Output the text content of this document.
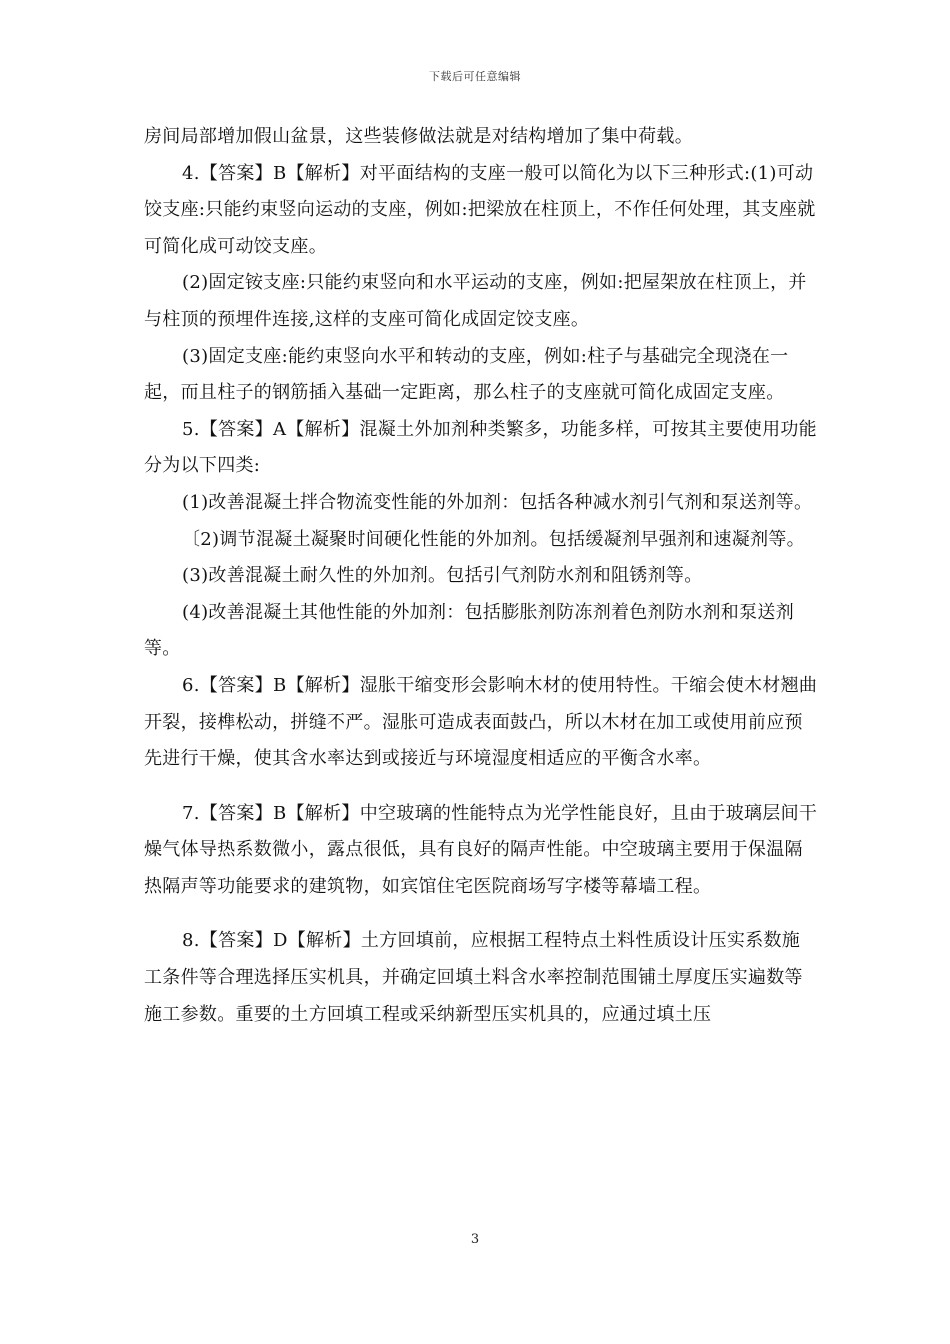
下载后可任意编辑

房间局部增加假山盆景，这些装修做法就是对结构增加了集中荷载。

4.【答案】B【解析】对平面结构的支座一般可以简化为以下三种形式:(1)可动饺支座:只能约束竖向运动的支座，例如:把梁放在柱顶上，不作任何处理，其支座就可简化成可动饺支座。

(2)固定铵支座:只能约束竖向和水平运动的支座，例如:把屋架放在柱顶上，并与柱顶的预埋件连接,这样的支座可简化成固定饺支座。

(3)固定支座:能约束竖向水平和转动的支座，例如:柱子与基础完全现浇在一起，而且柱子的钢筋插入基础一定距离，那么柱子的支座就可简化成固定支座。

5.【答案】A【解析】混凝土外加剂种类繁多，功能多样，可按其主要使用功能分为以下四类:

(1)改善混凝土拌合物流变性能的外加剂：包括各种减水剂引气剂和泵送剂等。

〔2)调节混凝土凝聚时间硬化性能的外加剂。包括缓凝剂早强剂和速凝剂等。

(3)改善混凝土耐久性的外加剂。包括引气剂防水剂和阻锈剂等。

(4)改善混凝土其他性能的外加剂：包括膨胀剂防冻剂着色剂防水剂和泵送剂等。

6.【答案】B【解析】湿胀干缩变形会影响木材的使用特性。干缩会使木材翘曲开裂，接榫松动，拼缝不严。湿胀可造成表面鼓凸，所以木材在加工或使用前应预先进行干燥，使其含水率达到或接近与环境湿度相适应的平衡含水率。

7.【答案】B【解析】中空玻璃的性能特点为光学性能良好，且由于玻璃层间干燥气体导热系数微小，露点很低，具有良好的隔声性能。中空玻璃主要用于保温隔热隔声等功能要求的建筑物，如宾馆住宅医院商场写字楼等幕墙工程。

8.【答案】D【解析】土方回填前，应根据工程特点土料性质设计压实系数施工条件等合理选择压实机具，并确定回填土料含水率控制范围铺土厚度压实遍数等施工参数。重要的土方回填工程或采纳新型压实机具的，应通过填土压

3
